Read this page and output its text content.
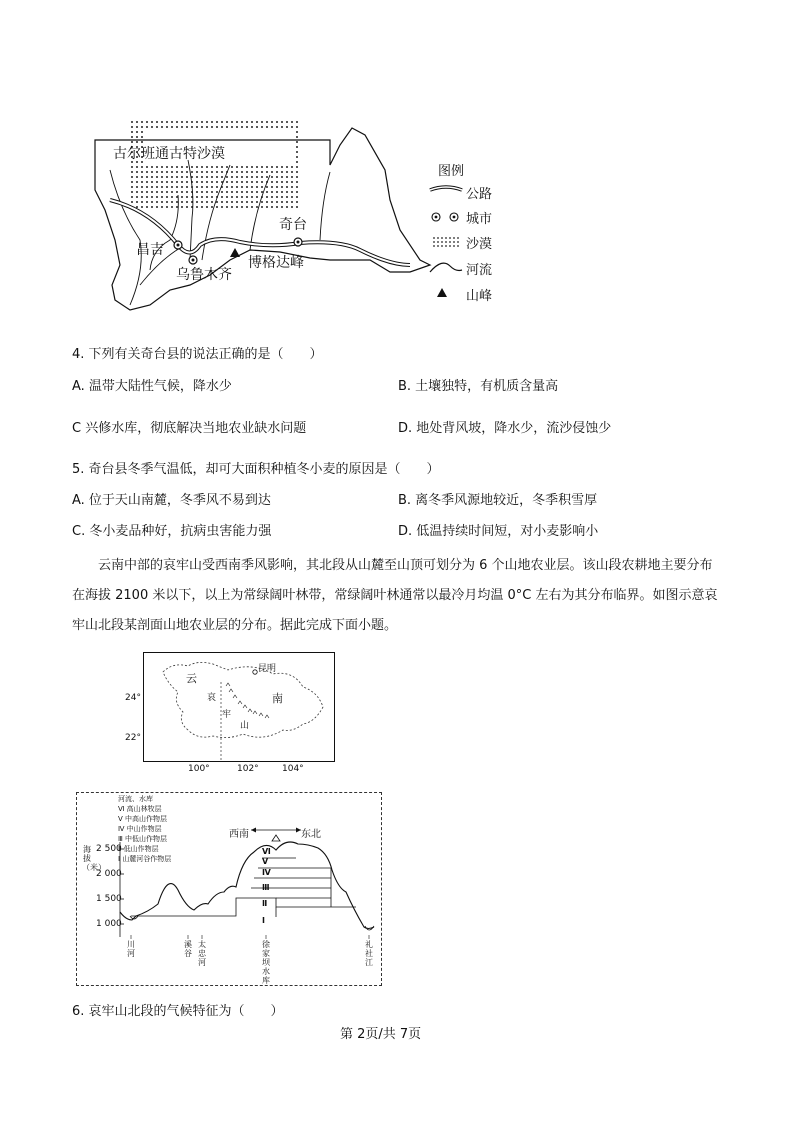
古尔班通古特沙漠
昌吉
乌鲁木齐
奇台
博格达峰
图例
公路
城市
沙漠
河流
山峰
4. 下列有关奇台县的说法正确的是（　　）
A. 温带大陆性气候，降水少	B. 土壤独特，有机质含量高
C 兴修水库，彻底解决当地农业缺水问题	D. 地处背风坡，降水少，流沙侵蚀少
5. 奇台县冬季气温低，却可大面积种植冬小麦的原因是（　　）
A. 位于天山南麓，冬季风不易到达	B. 离冬季风源地较近，冬季积雪厚
C. 冬小麦品种好，抗病虫害能力强	D. 低温持续时间短，对小麦影响小
云南中部的哀牢山受西南季风影响，其北段从山麓至山顶可划分为 6 个山地农业层。该山段农耕地主要分布在海拔 2100 米以下，以上为常绿阔叶林带，常绿阔叶林通常以最冷月均温 0°C 左右为其分布临界。如图示意哀牢山北段某剖面山地农业层的分布。据此完成下面小题。
云
南
昆明
哀
牢
山
24°
22°
100°	102°	104°
河流、水库
Ⅵ 高山林牧层
Ⅴ 中高山作物层
Ⅳ 中山作物层
Ⅲ 中低山作物层
Ⅱ 低山作物层
Ⅰ 山麓河谷作物层
西南	东北
海拔（米）
2 500
2 000
1 500
1 000
Ⅵ
Ⅴ
Ⅳ
Ⅲ
Ⅱ
Ⅰ
川河
溪谷
太忠河
徐家坝水库
礼社江
6. 哀牢山北段的气候特征为（　　）
第 2页/共 7页
